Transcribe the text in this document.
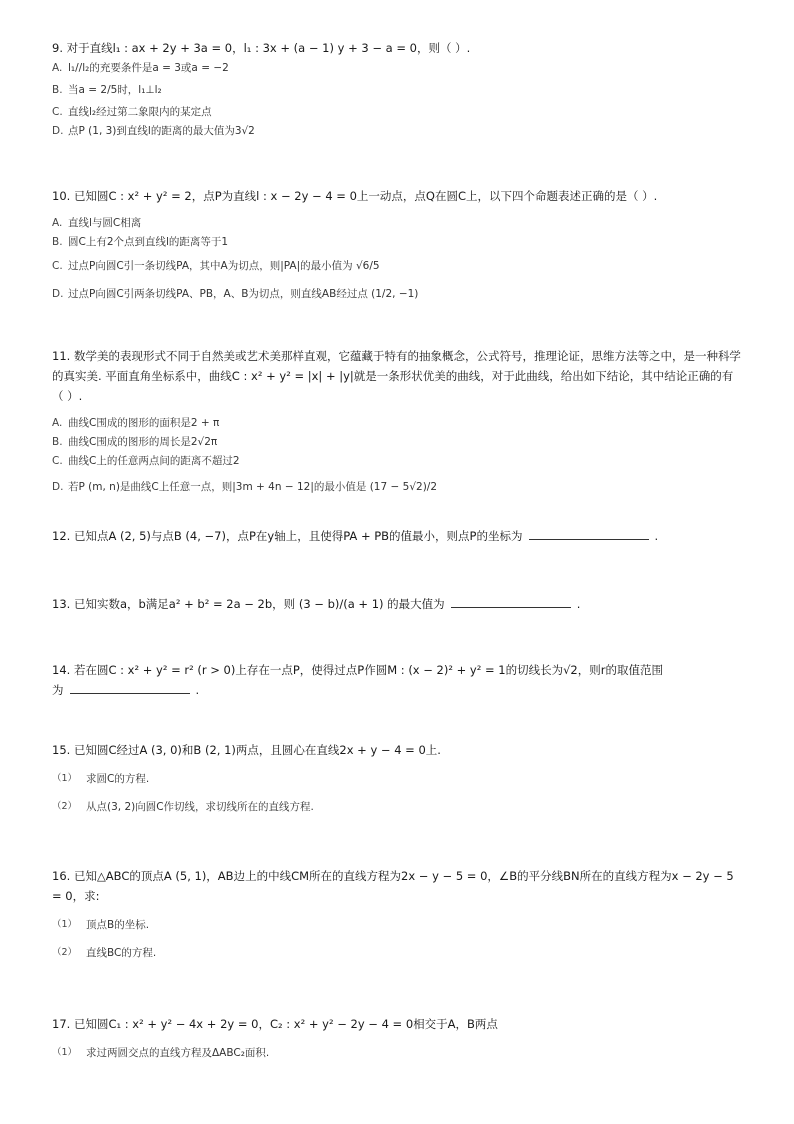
9. 对于直线l₁ : ax + 2y + 3a = 0，l₁ : 3x + (a − 1) y + 3 − a = 0，则（ ）.
A. l₁//l₂的充要条件是a = 3或a = −2
B. 当a = 2/5时，l₁⊥l₂
C. 直线l₂经过第二象限内的某定点
D. 点P (1, 3)到直线l的距离的最大值为3√2
10. 已知圆C : x² + y² = 2，点P为直线l : x − 2y − 4 = 0上一动点，点Q在圆C上，以下四个命题表述正确的是（ ）.
A. 直线l与圆C相离
B. 圆C上有2个点到直线l的距离等于1
C. 过点P向圆C引一条切线PA，其中A为切点，则|PA|的最小值为 √6/5
D. 过点P向圆C引两条切线PA、PB，A、B为切点，则直线AB经过点 (1/2, −1)
11. 数学美的表现形式不同于自然美或艺术美那样直观，它蕴藏于特有的抽象概念，公式符号，推理论证，思维方法等之中，是一种科学的真实美. 平面直角坐标系中，曲线C : x² + y² = |x| + |y|就是一条形状优美的曲线，对于此曲线，给出如下结论，其中结论正确的有（ ）.
A. 曲线C围成的图形的面积是2 + π
B. 曲线C围成的图形的周长是2√2π
C. 曲线C上的任意两点间的距离不超过2
D. 若P (m, n)是曲线C上任意一点，则|3m + 4n − 12|的最小值是 (17 − 5√2)/2
12. 已知点A (2, 5)与点B (4, −7)，点P在y轴上，且使得PA + PB的值最小，则点P的坐标为	.
13. 已知实数a，b满足a² + b² = 2a − 2b，则 (3 − b)/(a + 1) 的最大值为	.
14. 若在圆C : x² + y² = r² (r > 0)上存在一点P，使得过点P作圆M : (x − 2)² + y² = 1的切线长为√2，则r的取值范围
为	.
15. 已知圆C经过A (3, 0)和B (2, 1)两点，且圆心在直线2x + y − 4 = 0上.
（1） 求圆C的方程.
（2） 从点(3, 2)向圆C作切线，求切线所在的直线方程.
16. 已知△ABC的顶点A (5, 1)，AB边上的中线CM所在的直线方程为2x − y − 5 = 0，∠B的平分线BN所在的直线方程为x − 2y − 5 = 0，求:
（1） 顶点B的坐标.
（2） 直线BC的方程.
17. 已知圆C₁ : x² + y² − 4x + 2y = 0，C₂ : x² + y² − 2y − 4 = 0相交于A，B两点
（1） 求过两圆交点的直线方程及ΔABC₂面积.
